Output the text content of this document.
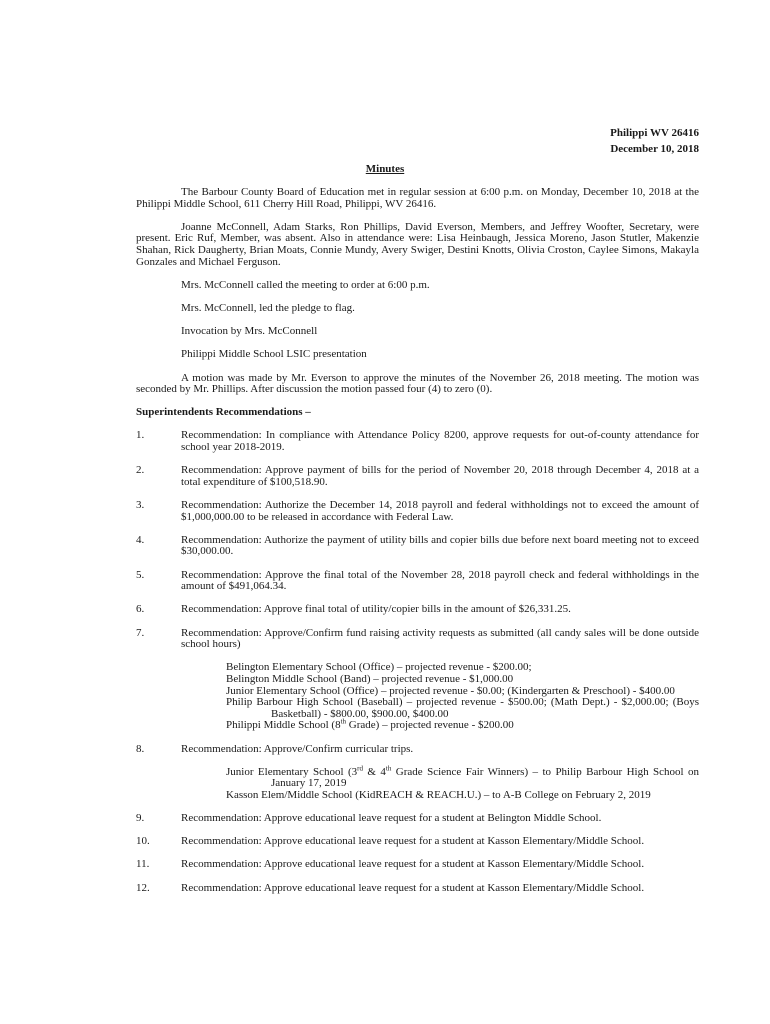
Philippi WV 26416
December 10, 2018
Minutes

The Barbour County Board of Education met in regular session at 6:00 p.m. on Monday, December 10, 2018 at the Philippi Middle School, 611 Cherry Hill Road, Philippi, WV 26416.

Joanne McConnell, Adam Starks, Ron Phillips, David Everson, Members, and Jeffrey Woofter, Secretary, were present. Eric Ruf, Member, was absent. Also in attendance were: Lisa Heinbaugh, Jessica Moreno, Jason Stutler, Makenzie Shahan, Rick Daugherty, Brian Moats, Connie Mundy, Avery Swiger, Destini Knotts, Olivia Croston, Caylee Simons, Makayla Gonzales and Michael Ferguson.

Mrs. McConnell called the meeting to order at 6:00 p.m.

Mrs. McConnell, led the pledge to flag.

Invocation by Mrs. McConnell

Philippi Middle School LSIC presentation

A motion was made by Mr. Everson to approve the minutes of the November 26, 2018 meeting. The motion was seconded by Mr. Phillips. After discussion the motion passed four (4) to zero (0).

Superintendents Recommendations –
1.	Recommendation: In compliance with Attendance Policy 8200, approve requests for out-of-county attendance for school year 2018-2019.
2.	Recommendation: Approve payment of bills for the period of November 20, 2018 through December 4, 2018 at a total expenditure of $100,518.90.
3.	Recommendation: Authorize the December 14, 2018 payroll and federal withholdings not to exceed the amount of $1,000,000.00 to be released in accordance with Federal Law.
4.	Recommendation: Authorize the payment of utility bills and copier bills due before next board meeting not to exceed $30,000.00.
5.	Recommendation: Approve the final total of the November 28, 2018 payroll check and federal withholdings in the amount of $491,064.34.
6.	Recommendation: Approve final total of utility/copier bills in the amount of $26,331.25.
7.	Recommendation: Approve/Confirm fund raising activity requests as submitted (all candy sales will be done outside school hours)
Belington Elementary School (Office) – projected revenue - $200.00;
Belington Middle School (Band) – projected revenue - $1,000.00
Junior Elementary School (Office) – projected revenue - $0.00; (Kindergarten & Preschool) - $400.00
Philip Barbour High School (Baseball) – projected revenue - $500.00; (Math Dept.) - $2,000.00; (Boys Basketball) - $800.00, $900.00, $400.00
Philippi Middle School (8th Grade) – projected revenue - $200.00
8.	Recommendation: Approve/Confirm curricular trips.
Junior Elementary School (3rd & 4th Grade Science Fair Winners) – to Philip Barbour High School on January 17, 2019
Kasson Elem/Middle School (KidREACH & REACH.U.) – to A-B College on February 2, 2019
9.	Recommendation: Approve educational leave request for a student at Belington Middle School.
10.	Recommendation: Approve educational leave request for a student at Kasson Elementary/Middle School.
11.	Recommendation: Approve educational leave request for a student at Kasson Elementary/Middle School.
12.	Recommendation: Approve educational leave request for a student at Kasson Elementary/Middle School.
